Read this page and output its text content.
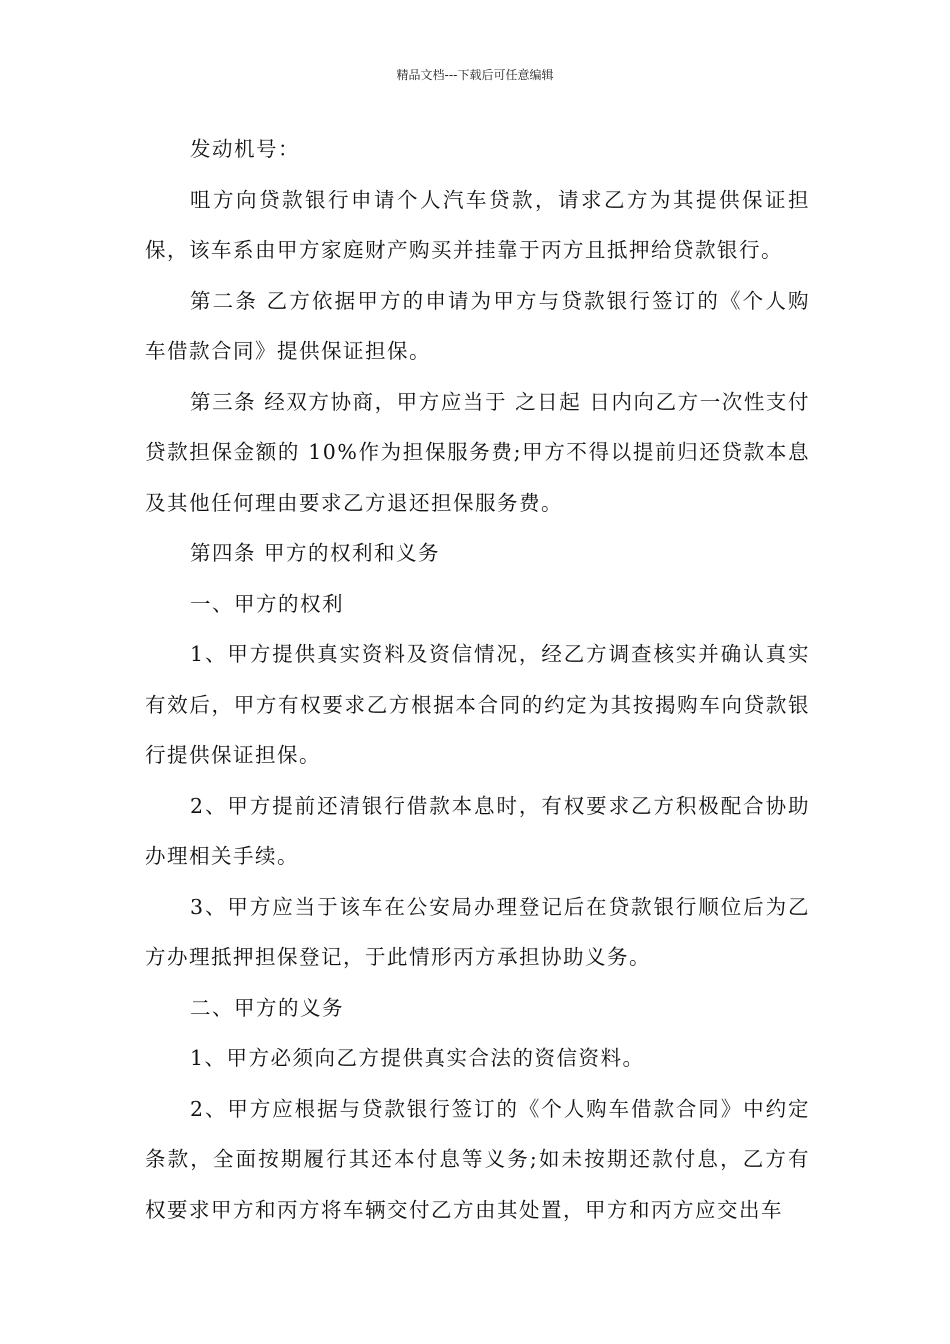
精品文档---下载后可任意编辑

发动机号：

咀方向贷款银行申请个人汽车贷款，请求乙方为其提供保证担保，该车系由甲方家庭财产购买并挂靠于丙方且抵押给贷款银行。

第二条 乙方依据甲方的申请为甲方与贷款银行签订的《个人购车借款合同》提供保证担保。

第三条 经双方协商，甲方应当于 之日起 日内向乙方一次性支付贷款担保金额的 10%作为担保服务费;甲方不得以提前归还贷款本息及其他任何理由要求乙方退还担保服务费。

第四条 甲方的权利和义务

一、甲方的权利

1、甲方提供真实资料及资信情况，经乙方调查核实并确认真实有效后，甲方有权要求乙方根据本合同的约定为其按揭购车向贷款银行提供保证担保。

2、甲方提前还清银行借款本息时，有权要求乙方积极配合协助办理相关手续。

3、甲方应当于该车在公安局办理登记后在贷款银行顺位后为乙方办理抵押担保登记，于此情形丙方承担协助义务。

二、甲方的义务

1、甲方必须向乙方提供真实合法的资信资料。

2、甲方应根据与贷款银行签订的《个人购车借款合同》中约定条款，全面按期履行其还本付息等义务;如未按期还款付息，乙方有权要求甲方和丙方将车辆交付乙方由其处置，甲方和丙方应交出车
